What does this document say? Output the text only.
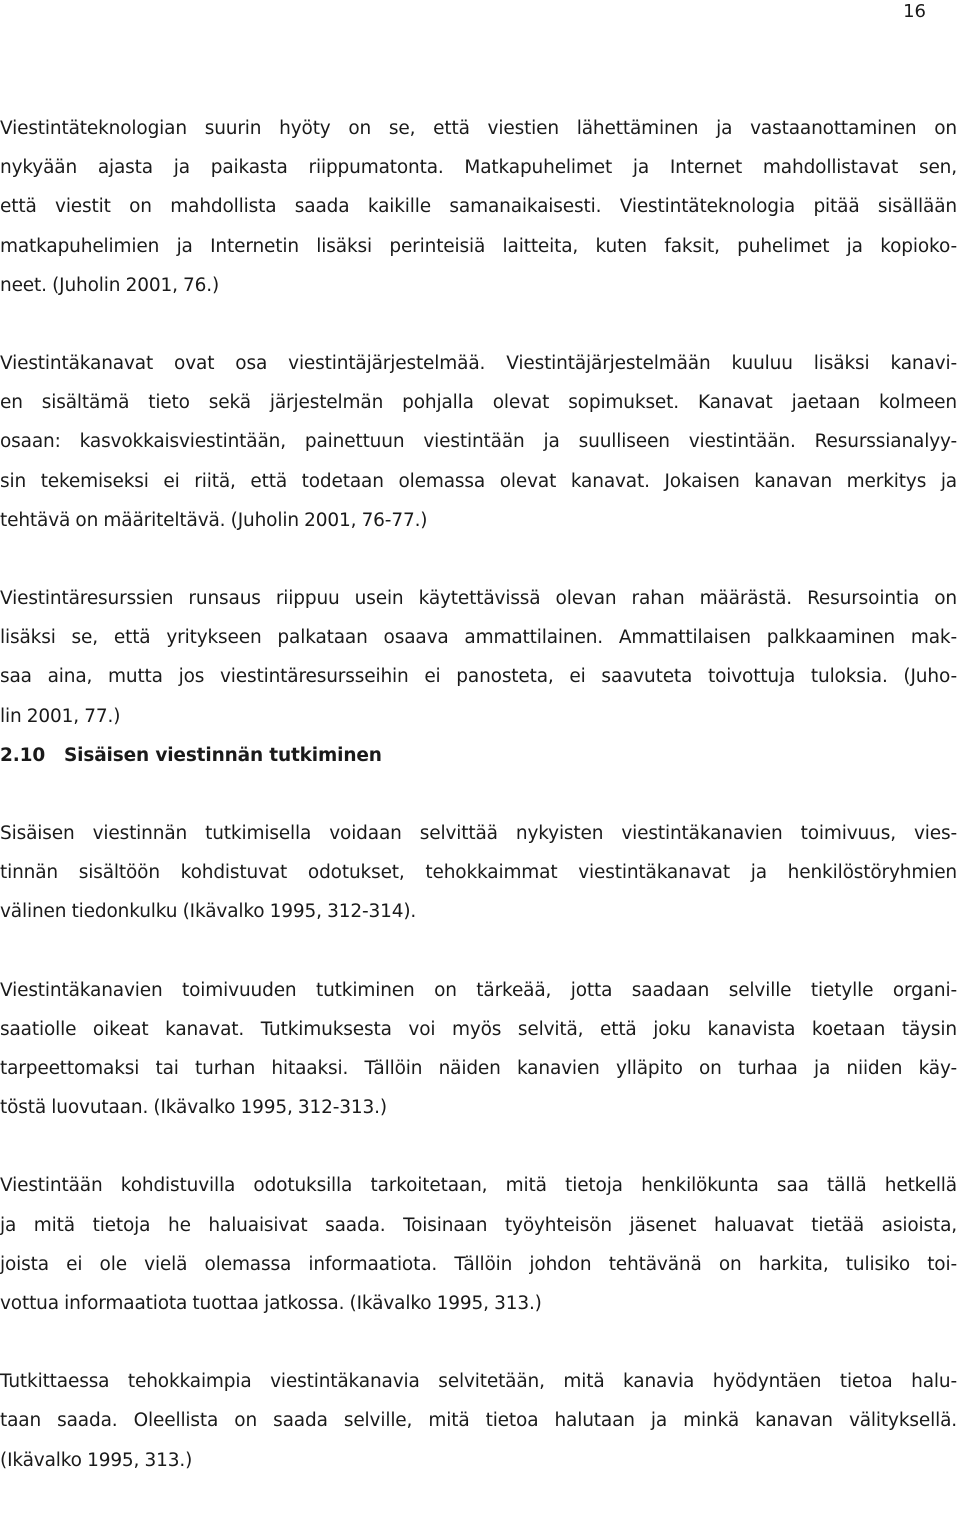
16

Viestintäteknologian suurin hyöty on se, että viestien lähettäminen ja vastaanottaminen on
nykyään ajasta ja paikasta riippumatonta. Matkapuhelimet ja Internet mahdollistavat sen,
että viestit on mahdollista saada kaikille samanaikaisesti. Viestintäteknologia pitää sisällään
matkapuhelimien ja Internetin lisäksi perinteisiä laitteita, kuten faksit, puhelimet ja kopioko-
neet. (Juholin 2001, 76.)

Viestintäkanavat ovat osa viestintäjärjestelmää. Viestintäjärjestelmään kuuluu lisäksi kanavi-
en sisältämä tieto sekä järjestelmän pohjalla olevat sopimukset. Kanavat jaetaan kolmeen
osaan: kasvokkaisviestintään, painettuun viestintään ja suulliseen viestintään. Resurssianalyy-
sin tekemiseksi ei riitä, että todetaan olemassa olevat kanavat. Jokaisen kanavan merkitys ja
tehtävä on määriteltävä. (Juholin 2001, 76-77.)

Viestintäresurssien runsaus riippuu usein käytettävissä olevan rahan määrästä. Resursointia on
lisäksi se, että yritykseen palkataan osaava ammattilainen. Ammattilaisen palkkaaminen mak-
saa aina, mutta jos viestintäresursseihin ei panosteta, ei saavuteta toivottuja tuloksia. (Juho-
lin 2001, 77.)

2.10 Sisäisen viestinnän tutkiminen

Sisäisen viestinnän tutkimisella voidaan selvittää nykyisten viestintäkanavien toimivuus, vies-
tinnän sisältöön kohdistuvat odotukset, tehokkaimmat viestintäkanavat ja henkilöstöryhmien
välinen tiedonkulku (Ikävalko 1995, 312-314).

Viestintäkanavien toimivuuden tutkiminen on tärkeää, jotta saadaan selville tietylle organi-
saatiolle oikeat kanavat. Tutkimuksesta voi myös selvitä, että joku kanavista koetaan täysin
tarpeettomaksi tai turhan hitaaksi. Tällöin näiden kanavien ylläpito on turhaa ja niiden käy-
töstä luovutaan. (Ikävalko 1995, 312-313.)

Viestintään kohdistuvilla odotuksilla tarkoitetaan, mitä tietoja henkilökunta saa tällä hetkellä
ja mitä tietoja he haluaisivat saada. Toisinaan työyhteisön jäsenet haluavat tietää asioista,
joista ei ole vielä olemassa informaatiota. Tällöin johdon tehtävänä on harkita, tulisiko toi-
vottua informaatiota tuottaa jatkossa. (Ikävalko 1995, 313.)

Tutkittaessa tehokkaimpia viestintäkanavia selvitetään, mitä kanavia hyödyntäen tietoa halu-
taan saada. Oleellista on saada selville, mitä tietoa halutaan ja minkä kanavan välityksellä.
(Ikävalko 1995, 313.)
